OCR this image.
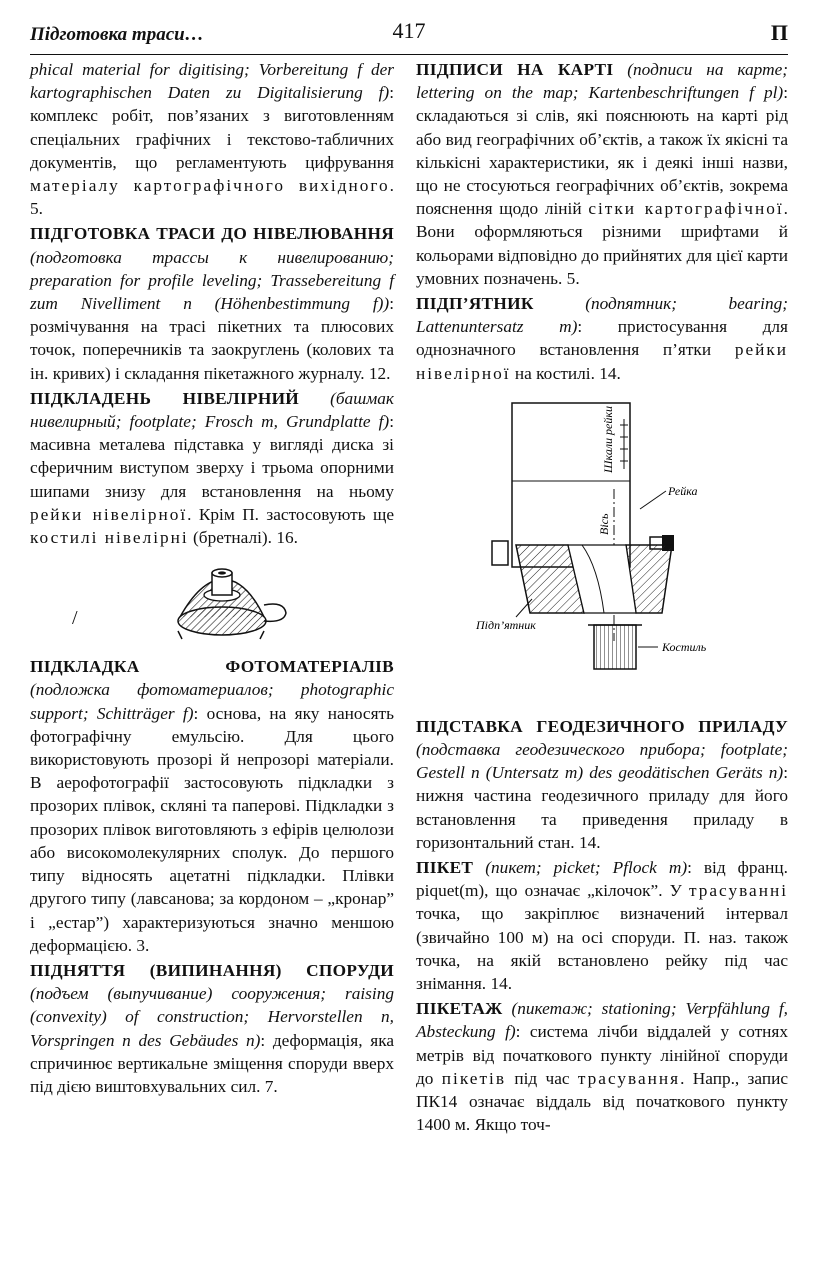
Підготовка траси…	417	П

phical material for digitising; Vorbereitung f der kartographischen Daten zu Digitalisierung f): комплекс робіт, пов’язаних з виготовленням спеціальних графічних і текстово-табличних документів, що регламентують цифрування матеріалу картографічного вихідного. 5.

ПІДГОТОВКА ТРАСИ ДО НІВЕЛЮВАННЯ (подготовка трассы к нивелированию; preparation for profile leveling; Trassebereitung f zum Nivelliment n (Höhenbestimmung f)): розмічування на трасі пікетних та плюсових точок, поперечників та заокруглень (колових та ін. кривих) і складання пікетажного журналу. 12.

ПІДКЛАДЕНЬ НІВЕЛІРНИЙ (башмак нивелирный; footplate; Frosch m, Grundplatte f): масивна металева підставка у вигляді диска зі сферичним виступом зверху і трьома опорними шипами знизу для встановлення на ньому рейки нівелірної. Крім П. застосовують ще костилі нівелірні (бретналі). 16.

/

ПІДКЛАДКА ФОТОМАТЕРІАЛІВ (подложка фотоматериалов; photographic support; Schitträger f): основа, на яку наносять фотографічну емульсію. Для цього використовують прозорі й непрозорі матеріали. В аерофотографії застосовують підкладки з прозорих плівок, скляні та паперові. Підкладки з прозорих плівок виготовляють з ефірів целюлози або високомолекулярних сполук. До першого типу відносять ацетатні підкладки. Плівки другого типу (лавсанова; за кордоном – „кронар” і „естар”) характеризуються значно меншою деформацією. 3.

ПІДНЯТТЯ (ВИПИНАННЯ) СПОРУДИ (подъем (выпучивание) сооружения; raising (convexity) of construction; Hervorstellen n, Vorspringen n des Gebäudes n): деформація, яка спричинює вертикальне зміщення споруди вверх під дією виштовхувальних сил. 7.

ПІДПИСИ НА КАРТІ (подписи на карте; lettering on the map; Kartenbeschriftungen f pl): складаються зі слів, які пояснюють на карті рід або вид географічних об’єктів, а також їх якісні та кількісні характеристики, як і деякі інші назви, що не стосуються географічних об’єктів, зокрема пояснення щодо ліній сітки картографічної. Вони оформляються різними шрифтами й кольорами відповідно до прийнятих для цієї карти умовних позначень. 5.

ПІДП’ЯТНИК	(подпятник; bearing; Lattenuntersatz m): пристосування для однозначного встановлення п’ятки рейки нівелірної на костилі. 14.

Шкали рейки
Вісь
Рейка
Підп’ятник
Костиль

ПІДСТАВКА ГЕОДЕЗИЧНОГО ПРИЛАДУ (подставка геодезического прибора; footplate; Gestell n (Untersatz m) des geodätischen Geräts n): нижня частина геодезичного приладу для його встановлення та приведення приладу в горизонтальний стан. 14.

ПІКЕТ (пикет; picket; Pflock m): від франц. piquet(m), що означає „кілочок”. У трасуванні точка, що закріплює визначений інтервал (звичайно 100 м) на осі споруди. П. наз. також точка, на якій встановлено рейку під час знімання. 14.

ПІКЕТАЖ (пикетаж; stationing; Verpfählung f, Absteckung f): система лічби віддалей у сотнях метрів від початкового пункту лінійної споруди до пікетів під час трасування. Напр., запис ПК14 означає віддаль від початкового пункту 1400 м. Якщо точ-
